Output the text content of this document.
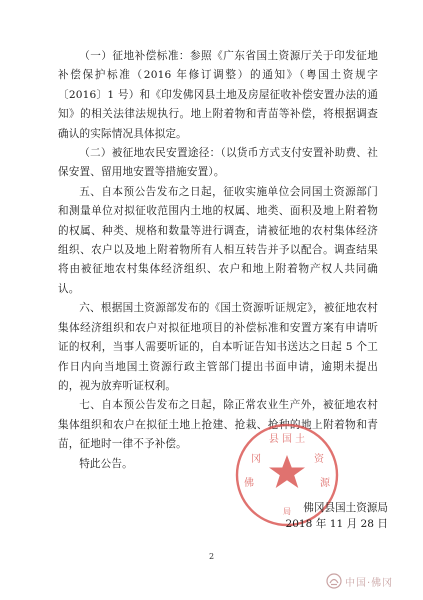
（一）征地补偿标准：参照《广东省国土资源厅关于印发征地补偿保护标准（2016 年修订调整）的通知》（粤国土资规字〔2016〕1 号）和《印发佛冈县土地及房屋征收补偿安置办法的通知》的相关法律法规执行。地上附着物和青苗等补偿，将根据调查确认的实际情况具体拟定。

（二）被征地农民安置途径：（以货币方式支付安置补助费、社保安置、留用地安置等措施安置）。

五、自本预公告发布之日起，征收实施单位会同国土资源部门和测量单位对拟征收范围内土地的权属、地类、面积及地上附着物的权属、种类、规格和数量等进行调查，请被征地的农村集体经济组织、农户以及地上附着物所有人相互转告并予以配合。调查结果将由被征地农村集体经济组织、农户和地上附着物产权人共同确认。

六、根据国土资源部发布的《国土资源听证规定》，被征地农村集体经济组织和农户对拟征地项目的补偿标准和安置方案有申请听证的权利，当事人需要听证的，自本听证告知书送达之日起 5 个工作日内向当地国土资源行政主管部门提出书面申请，逾期未提出的，视为放弃听证权利。

七、自本预公告发布之日起，除正常农业生产外，被征地农村集体组织和农户在拟征土地上抢建、抢栽、抢种的地上附着物和青苗，征地时一律不予补偿。

特此公告。

县 国 土
冈	资
佛	源
局	佛冈县国土资源局
2018 年 11 月 28 日
2
中国·佛冈
